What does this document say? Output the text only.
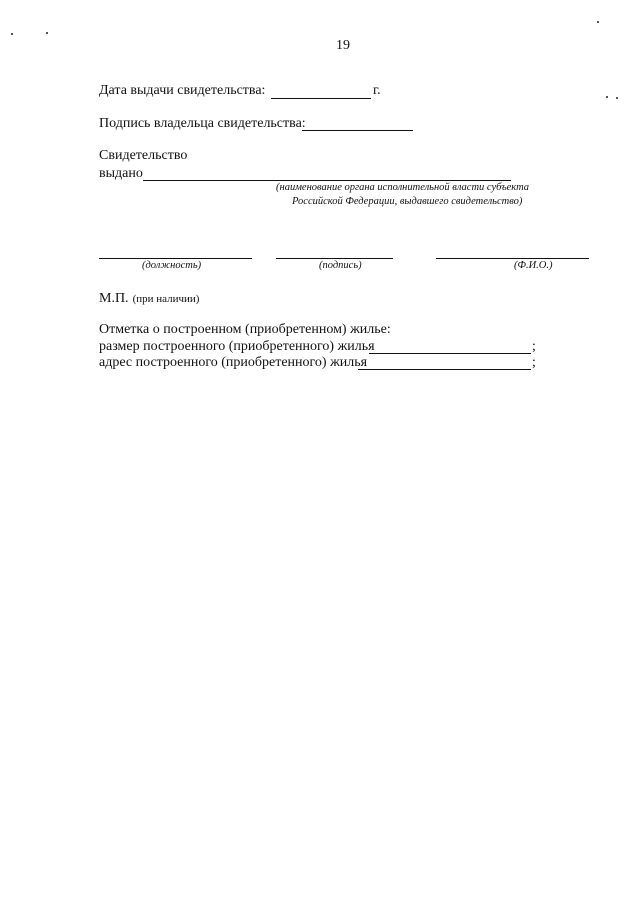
19
Дата выдачи свидетельства:	г.
Подпись владельца свидетельства:
Свидетельство
выдано
(наименование органа исполнительной власти субъекта
Российской Федерации, выдавшего свидетельство)
(должность)	(подпись)	(Ф.И.О.)
М.П. (при наличии)
Отметка о построенном (приобретенном) жилье:
размер построенного (приобретенного) жилья	;
адрес построенного (приобретенного) жилья	;
